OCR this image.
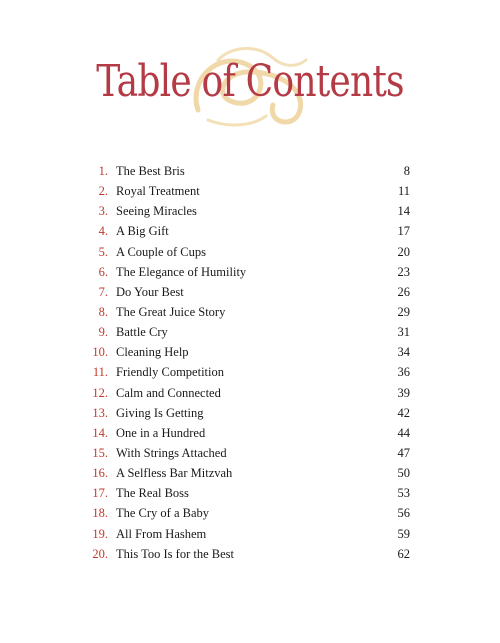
Table of Contents
1. The Best Bris	8
2. Royal Treatment	11
3. Seeing Miracles	14
4. A Big Gift	17
5. A Couple of Cups	20
6. The Elegance of Humility	23
7. Do Your Best	26
8. The Great Juice Story	29
9. Battle Cry	31
10. Cleaning Help	34
11. Friendly Competition	36
12. Calm and Connected	39
13. Giving Is Getting	42
14. One in a Hundred	44
15. With Strings Attached	47
16. A Selfless Bar Mitzvah	50
17. The Real Boss	53
18. The Cry of a Baby	56
19. All From Hashem	59
20. This Too Is for the Best	62
